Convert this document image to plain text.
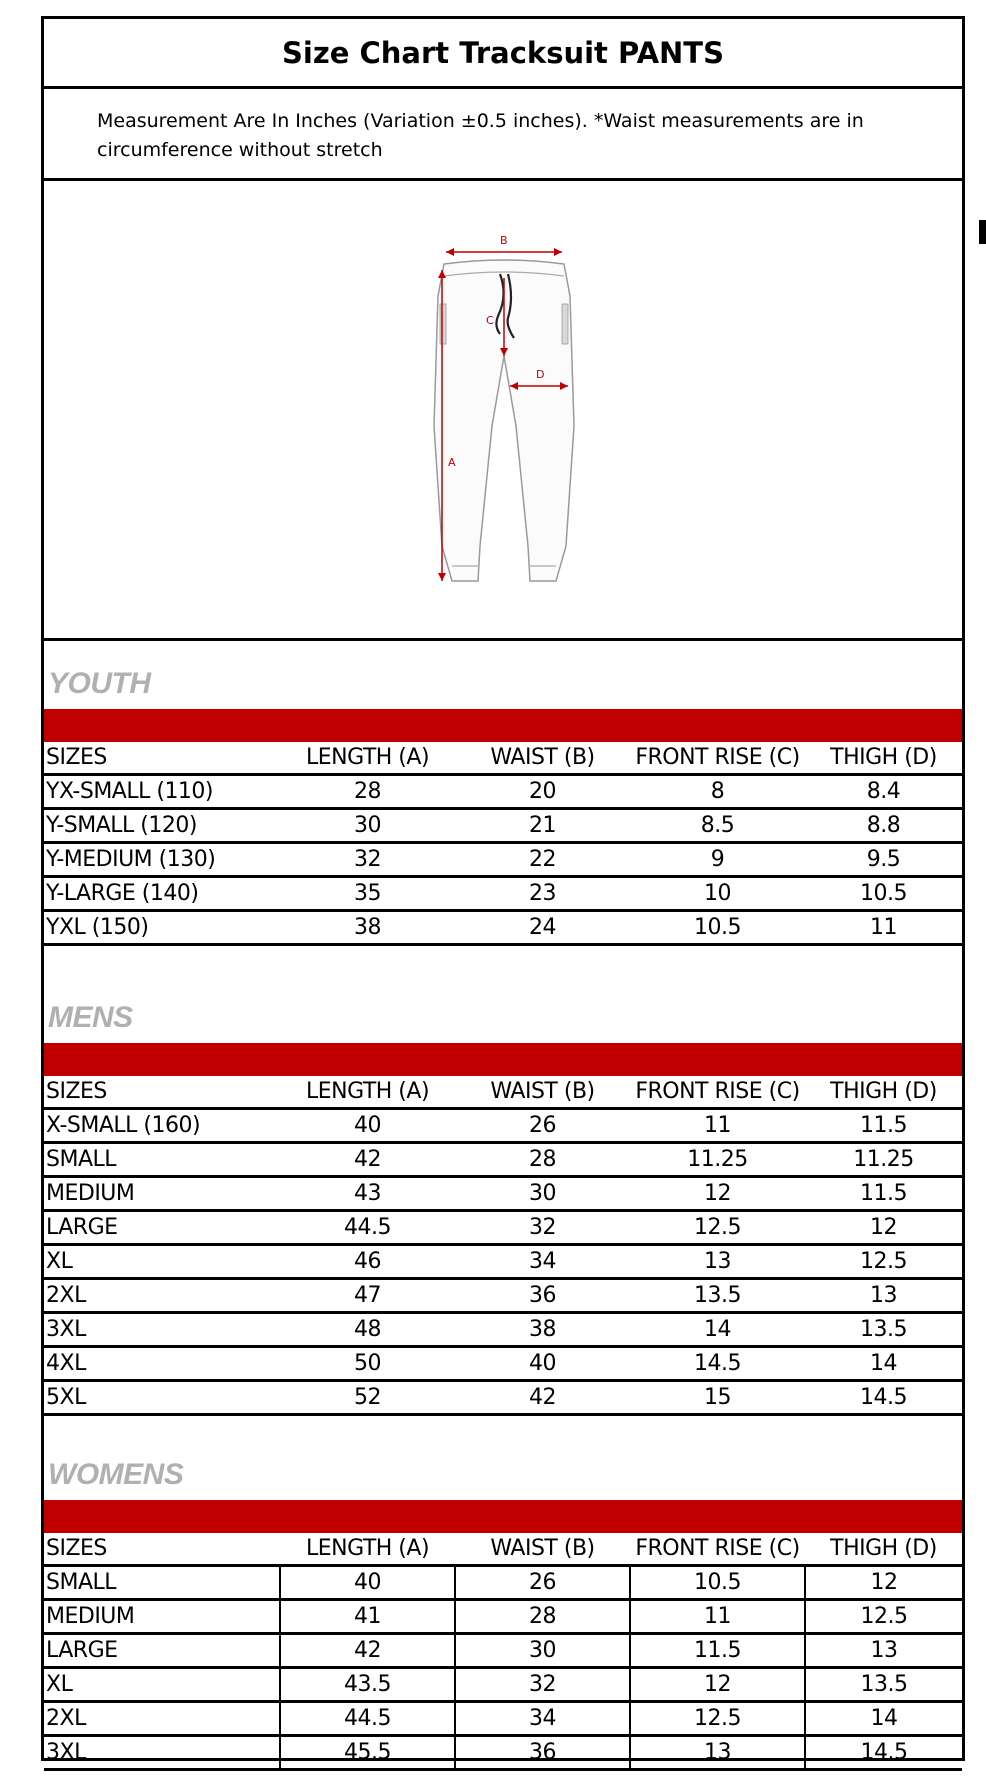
Size Chart Tracksuit PANTS
Measurement Are In Inches (Variation ±0.5 inches). *Waist measurements are in circumference without stretch
B
C
D
A
YOUTH
SIZES	LENGTH (A)	WAIST (B)	FRONT RISE (C)	THIGH (D)
YX-SMALL (110)	28	20	8	8.4
Y-SMALL (120)	30	21	8.5	8.8
Y-MEDIUM (130)	32	22	9	9.5
Y-LARGE (140)	35	23	10	10.5
YXL (150)	38	24	10.5	11
MENS
SIZES	LENGTH (A)	WAIST (B)	FRONT RISE (C)	THIGH (D)
X-SMALL (160)	40	26	11	11.5
SMALL	42	28	11.25	11.25
MEDIUM	43	30	12	11.5
LARGE	44.5	32	12.5	12
XL	46	34	13	12.5
2XL	47	36	13.5	13
3XL	48	38	14	13.5
4XL	50	40	14.5	14
5XL	52	42	15	14.5
WOMENS
SIZES	LENGTH (A)	WAIST (B)	FRONT RISE (C)	THIGH (D)
SMALL	40	26	10.5	12
MEDIUM	41	28	11	12.5
LARGE	42	30	11.5	13
XL	43.5	32	12	13.5
2XL	44.5	34	12.5	14
3XL	45.5	36	13	14.5
